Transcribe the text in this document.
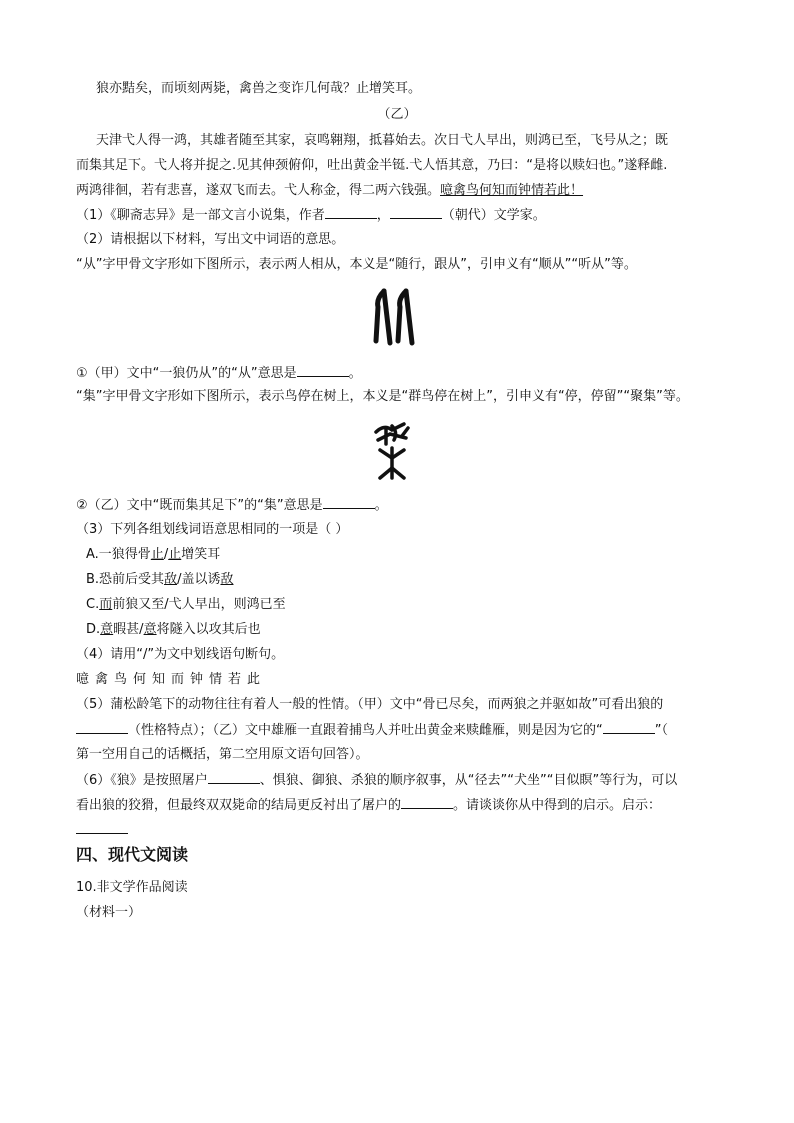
狼亦黠矣，而顷刻两毙，禽兽之变诈几何哉？止增笑耳。
（乙）
天津弋人得一鸿，其雄者随至其家，哀鸣翱翔，抵暮始去。次日弋人早出，则鸿已至，飞号从之；既
而集其足下。弋人将并捉之.见其伸颈俯仰，吐出黄金半铤.弋人悟其意，乃曰：“是将以赎妇也。”遂释雌.
两鸿徘徊，若有悲喜，遂双飞而去。弋人称金，得二两六钱强。噫禽鸟何知而钟情若此！
（1）《聊斋志异》是一部文言小说集，作者	，	（朝代）文学家。
（2）请根据以下材料，写出文中词语的意思。
“从”字甲骨文字形如下图所示，表示两人相从，本义是“随行，跟从”，引申义有“顺从”“听从”等。
①（甲）文中“一狼仍从”的“从”意思是	。
“集”字甲骨文字形如下图所示，表示鸟停在树上，本义是“群鸟停在树上”，引申义有“停，停留”“聚集”等。
②（乙）文中“既而集其足下”的“集”意思是	。
（3）下列各组划线词语意思相同的一项是（ ）
A.一狼得骨止/止增笑耳
B.恐前后受其敌/盖以诱敌
C.而前狼又至/弋人早出，则鸿已至
D.意暇甚/意将隧入以攻其后也
（4）请用“/”为文中划线语句断句。
噫禽鸟何知而钟情若此
（5）蒲松龄笔下的动物往往有着人一般的性情。（甲）文中“骨已尽矣，而两狼之并驱如故”可看出狼的
（性格特点）；（乙）文中雄雁一直跟着捕鸟人并吐出黄金来赎雌雁，则是因为它的“	”（
第一空用自己的话概括，第二空用原文语句回答）。
（6）《狼》是按照屠户	、惧狼、御狼、杀狼的顺序叙事，从“径去”“犬坐”“目似瞑”等行为，可以
看出狼的狡猾，但最终双双毙命的结局更反衬出了屠户的	。请谈谈你从中得到的启示。启示：
四、现代文阅读
10.非文学作品阅读
（材料一）
